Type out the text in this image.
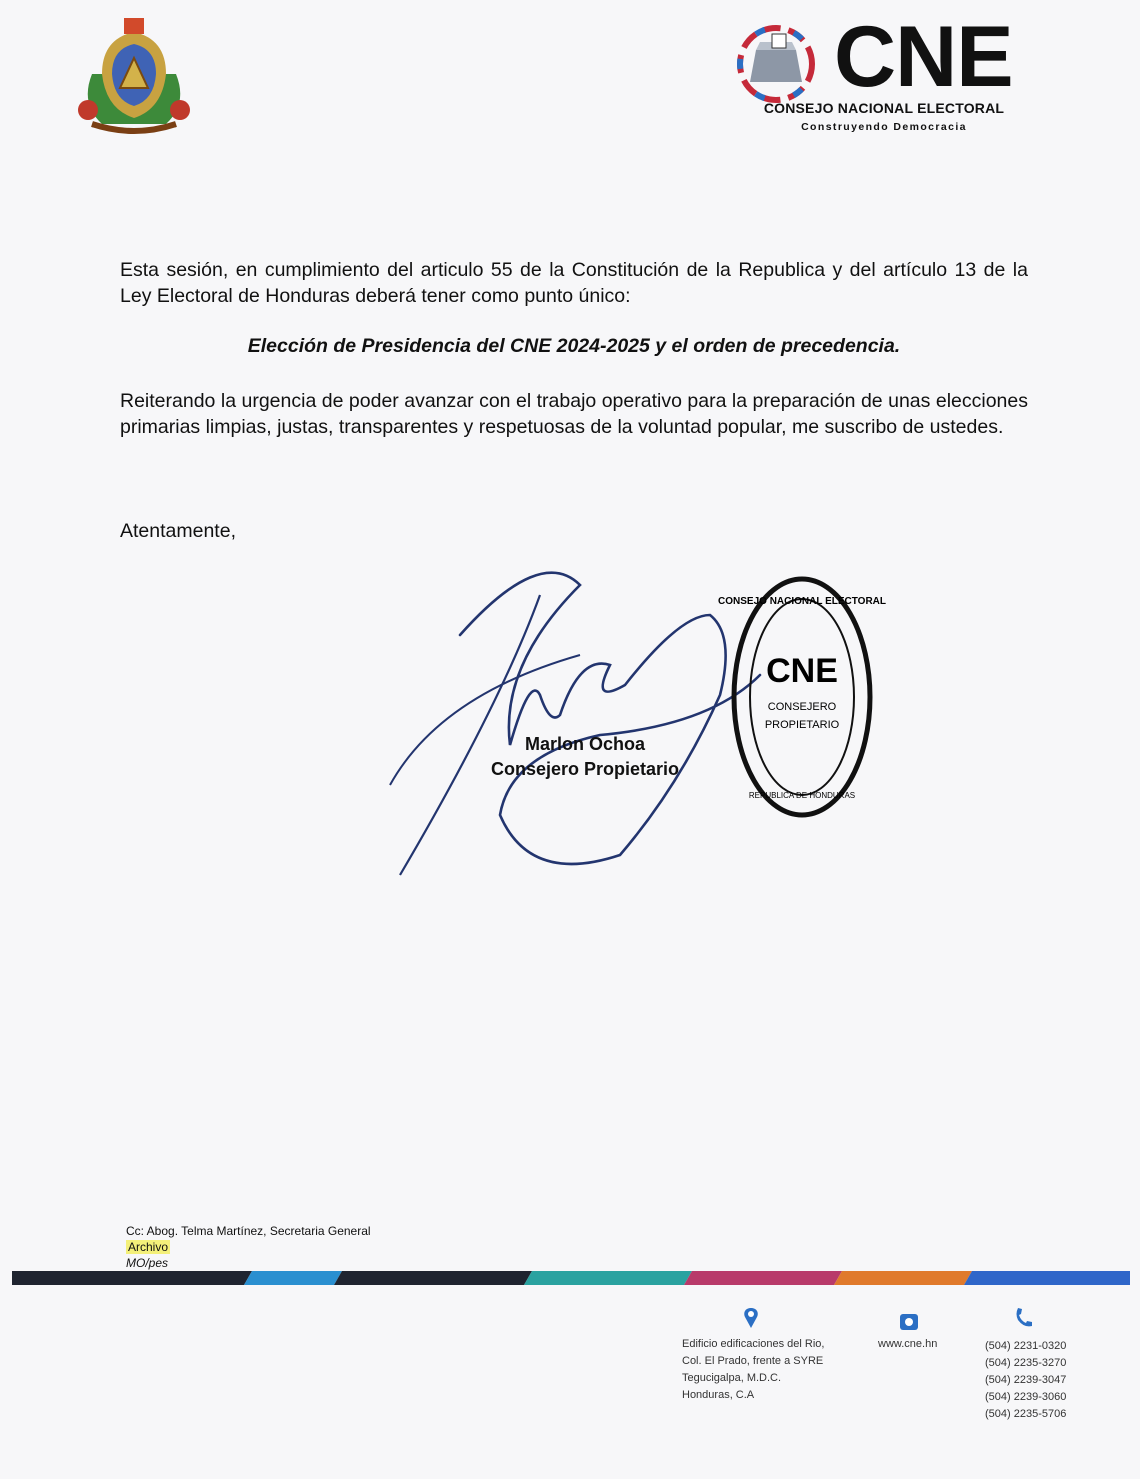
CNE
CONSEJO NACIONAL ELECTORAL
Construyendo Democracia
Esta sesión, en cumplimiento del articulo 55 de la Constitución de la Republica y del artículo 13 de la Ley Electoral de Honduras deberá tener como punto único:
Elección de Presidencia del CNE 2024-2025 y el orden de precedencia.
Reiterando la urgencia de poder avanzar con el trabajo operativo para la preparación de unas elecciones primarias limpias, justas, transparentes y respetuosas de la voluntad popular, me suscribo de ustedes.
Atentamente,
CONSEJO NACIONAL ELECTORAL
CNE
CONSEJERO
PROPIETARIO
REPUBLICA DE HONDURAS
Marlon Ochoa
Consejero Propietario
Cc: Abog. Telma Martínez, Secretaria General
Archivo
MO/pes
Edificio edificaciones del Rio,
Col. El Prado, frente a SYRE
Tegucigalpa, M.D.C.
Honduras, C.A
www.cne.hn	(504) 2231-0320
(504) 2235-3270
(504) 2239-3047
(504) 2239-3060
(504) 2235-5706
